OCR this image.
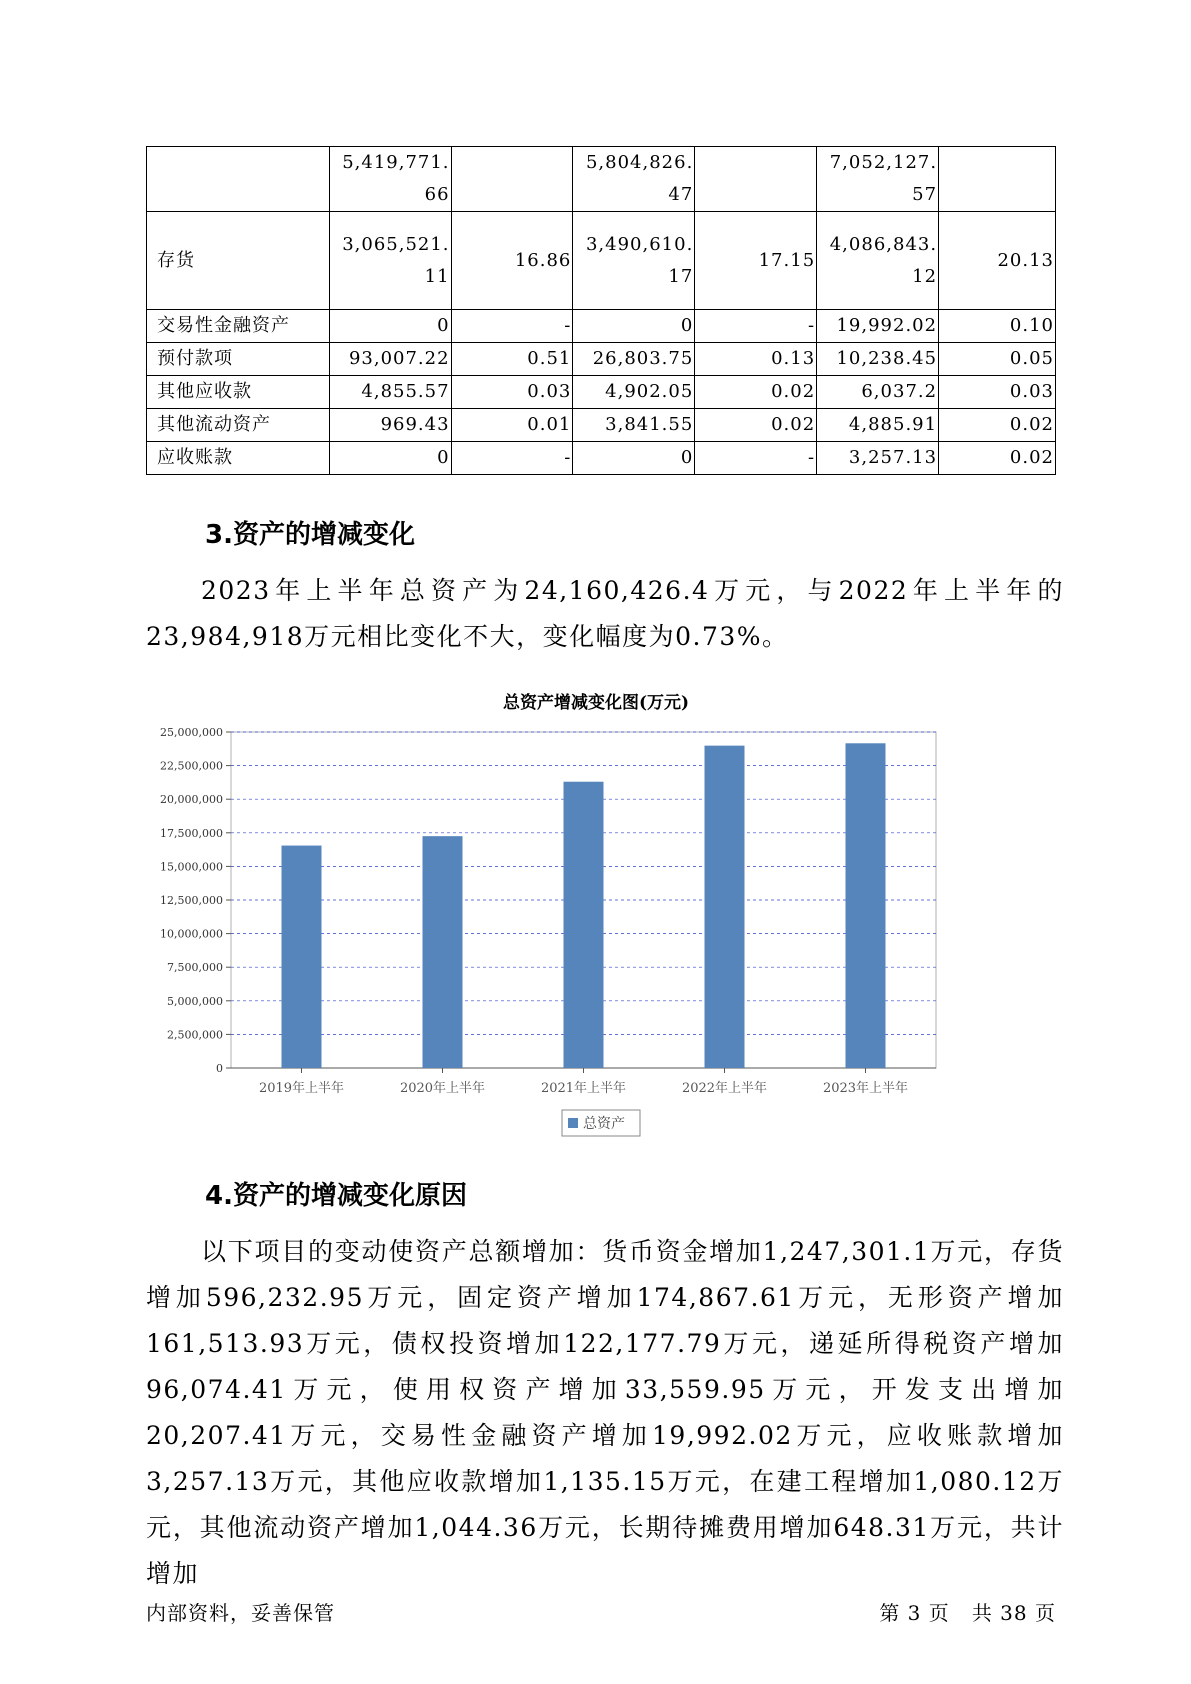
	5,419,771.66		5,804,826.47		7,052,127.57	
存货	3,065,521.11	16.86	3,490,610.17	17.15	4,086,843.12	20.13
交易性金融资产	0	-	0	-	19,992.02	0.10
预付款项	93,007.22	0.51	26,803.75	0.13	10,238.45	0.05
其他应收款	4,855.57	0.03	4,902.05	0.02	6,037.2	0.03
其他流动资产	969.43	0.01	3,841.55	0.02	4,885.91	0.02
应收账款	0	-	0	-	3,257.13	0.02
3.资产的增减变化

2023年上半年总资产为24,160,426.4万元，与2022年上半年的23,984,918万元相比变化不大，变化幅度为0.73%。

总资产增减变化图(万元)
0
2,500,000
5,000,000
7,500,000
10,000,000
12,500,000
15,000,000
17,500,000
20,000,000
22,500,000
25,000,000
2019年上半年	2020年上半年	2021年上半年	2022年上半年	2023年上半年
总资产
4.资产的增减变化原因

以下项目的变动使资产总额增加：货币资金增加1,247,301.1万元，存货增加596,232.95万元，固定资产增加174,867.61万元，无形资产增加161,513.93万元，债权投资增加122,177.79万元，递延所得税资产增加96,074.41万元，使用权资产增加33,559.95万元，开发支出增加20,207.41万元，交易性金融资产增加19,992.02万元，应收账款增加3,257.13万元，其他应收款增加1,135.15万元，在建工程增加1,080.12万元，其他流动资产增加1,044.36万元，长期待摊费用增加648.31万元，共计增加

内部资料，妥善保管	第 3 页   共 38 页
